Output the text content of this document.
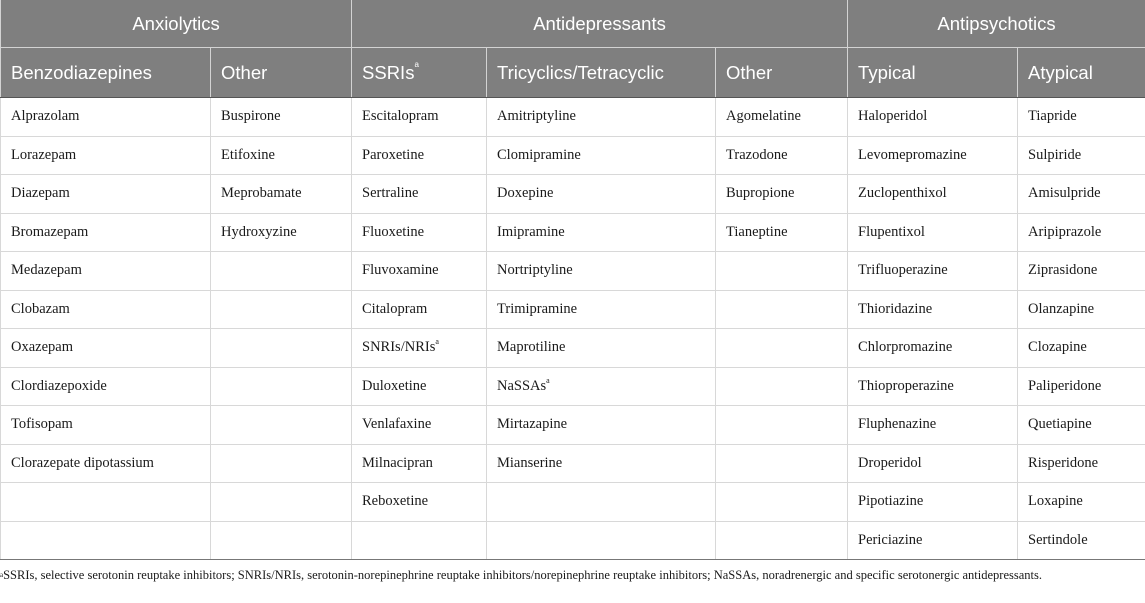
Anxiolytics		Antidepressants			Antipsychotics	
Benzodiazepines	Other	SSRIs$^a$	Tricyclics/Tetracyclic	Other	Typical	Atypical
Alprazolam	Buspirone	Escitalopram	Amitriptyline	Agomelatine	Haloperidol	Tiapride
Lorazepam	Etifoxine	Paroxetine	Clomipramine	Trazodone	Levomepromazine	Sulpiride
Diazepam	Meprobamate	Sertraline	Doxepine	Bupropione	Zuclopenthixol	Amisulpride
Bromazepam	Hydroxyzine	Fluoxetine	Imipramine	Tianeptine	Flupentixol	Aripiprazole
Medazepam		Fluvoxamine	Nortriptyline		Trifluoperazine	Ziprasidone
Clobazam		Citalopram	Trimipramine		Thioridazine	Olanzapine
Oxazepam		SNRIs/NRIs$^a$	Maprotiline		Chlorpromazine	Clozapine
Clordiazepoxide		Duloxetine	NaSSAs$^a$		Thioproperazine	Paliperidone
Tofisopam		Venlafaxine	Mirtazapine		Fluphenazine	Quetiapine
Clorazepate dipotassium		Milnacipran	Mianserine		Droperidol	Risperidone
		Reboxetine			Pipotiazine	Loxapine
					Periciazine	Sertindole
$^a$SSRIs, selective serotonin reuptake inhibitors; SNRIs/NRIs, serotonin-norepinephrine reuptake inhibitors/norepinephrine reuptake inhibitors; NaSSAs, noradrenergic and specific serotonergic antidepressants.
